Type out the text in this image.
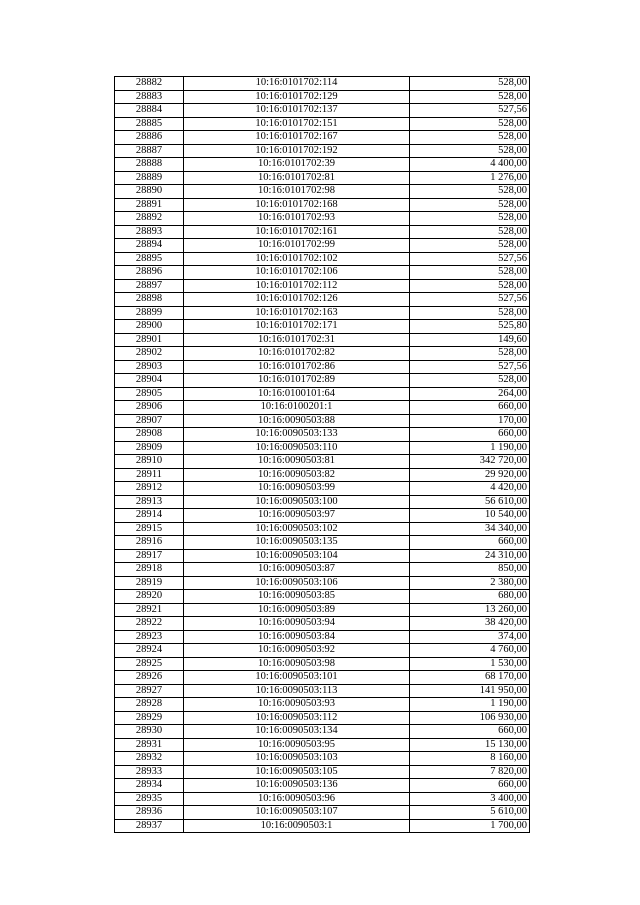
28882	10:16:0101702:114	528,00
28883	10:16:0101702:129	528,00
28884	10:16:0101702:137	527,56
28885	10:16:0101702:151	528,00
28886	10:16:0101702:167	528,00
28887	10:16:0101702:192	528,00
28888	10:16:0101702:39	4 400,00
28889	10:16:0101702:81	1 276,00
28890	10:16:0101702:98	528,00
28891	10:16:0101702:168	528,00
28892	10:16:0101702:93	528,00
28893	10:16:0101702:161	528,00
28894	10:16:0101702:99	528,00
28895	10:16:0101702:102	527,56
28896	10:16:0101702:106	528,00
28897	10:16:0101702:112	528,00
28898	10:16:0101702:126	527,56
28899	10:16:0101702:163	528,00
28900	10:16:0101702:171	525,80
28901	10:16:0101702:31	149,60
28902	10:16:0101702:82	528,00
28903	10:16:0101702:86	527,56
28904	10:16:0101702:89	528,00
28905	10:16:0100101:64	264,00
28906	10:16:0100201:1	660,00
28907	10:16:0090503:88	170,00
28908	10:16:0090503:133	660,00
28909	10:16:0090503:110	1 190,00
28910	10:16:0090503:81	342 720,00
28911	10:16:0090503:82	29 920,00
28912	10:16:0090503:99	4 420,00
28913	10:16:0090503:100	56 610,00
28914	10:16:0090503:97	10 540,00
28915	10:16:0090503:102	34 340,00
28916	10:16:0090503:135	660,00
28917	10:16:0090503:104	24 310,00
28918	10:16:0090503:87	850,00
28919	10:16:0090503:106	2 380,00
28920	10:16:0090503:85	680,00
28921	10:16:0090503:89	13 260,00
28922	10:16:0090503:94	38 420,00
28923	10:16:0090503:84	374,00
28924	10:16:0090503:92	4 760,00
28925	10:16:0090503:98	1 530,00
28926	10:16:0090503:101	68 170,00
28927	10:16:0090503:113	141 950,00
28928	10:16:0090503:93	1 190,00
28929	10:16:0090503:112	106 930,00
28930	10:16:0090503:134	660,00
28931	10:16:0090503:95	15 130,00
28932	10:16:0090503:103	8 160,00
28933	10:16:0090503:105	7 820,00
28934	10:16:0090503:136	660,00
28935	10:16:0090503:96	3 400,00
28936	10:16:0090503:107	5 610,00
28937	10:16:0090503:1	1 700,00
